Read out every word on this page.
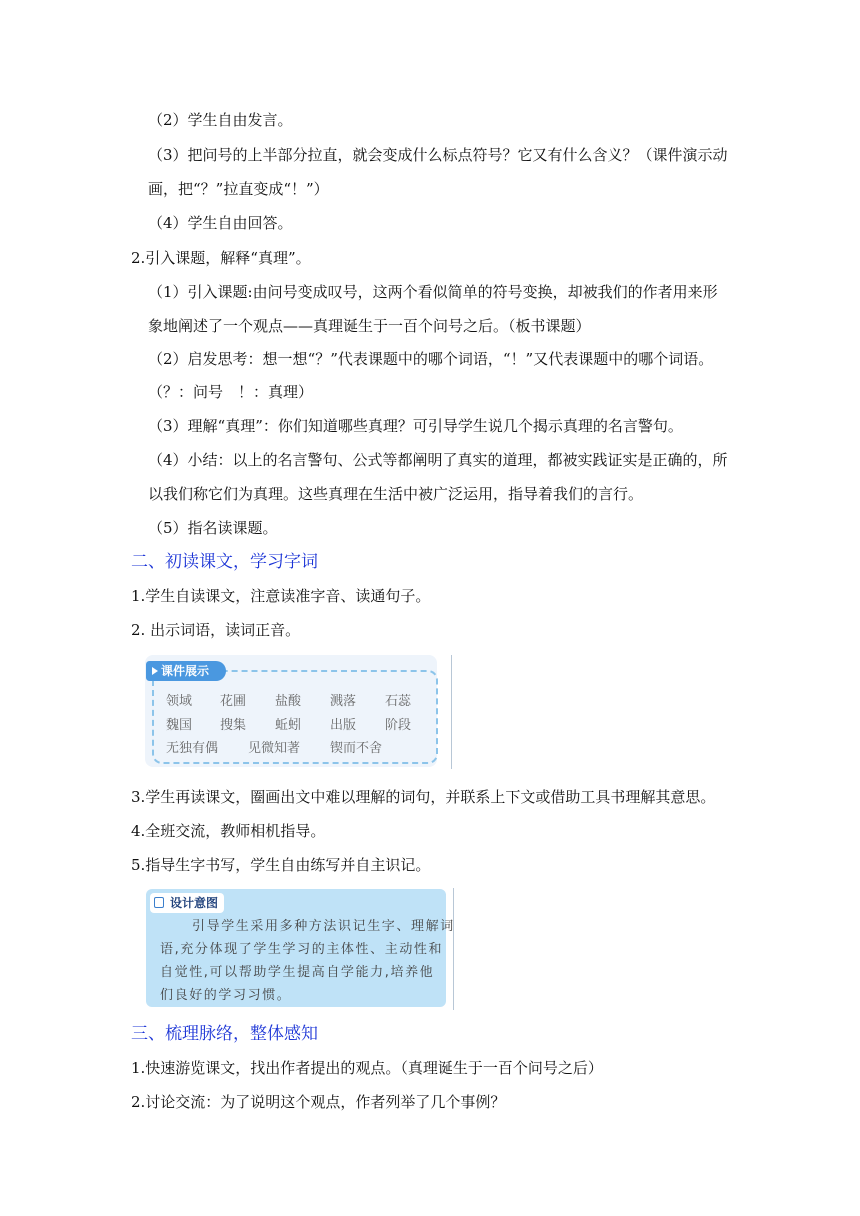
（2）学生自由发言。
（3）把问号的上半部分拉直，就会变成什么标点符号？它又有什么含义？（课件演示动
画，把“？”拉直变成“！”）
（4）学生自由回答。
2.引入课题，解释“真理”。
（1）引入课题:由问号变成叹号，这两个看似简单的符号变换，却被我们的作者用来形
象地阐述了一个观点——真理诞生于一百个问号之后。（板书课题）
（2）启发思考：想一想“？”代表课题中的哪个词语，“！”又代表课题中的哪个词语。
（？：问号　！：真理）
（3）理解“真理”：你们知道哪些真理？可引导学生说几个揭示真理的名言警句。
（4）小结：以上的名言警句、公式等都阐明了真实的道理，都被实践证实是正确的，所
以我们称它们为真理。这些真理在生活中被广泛运用，指导着我们的言行。
（5）指名读课题。
二、初读课文，学习字词
1.学生自读课文，注意读准字音、读通句子。
2. 出示词语，读词正音。
课件展示
领域 花圃 盐酸 溅落 石蕊
魏国 搜集 蚯蚓 出版 阶段
无独有偶 见微知著 锲而不舍
3.学生再读课文，圈画出文中难以理解的词句，并联系上下文或借助工具书理解其意思。
4.全班交流，教师相机指导。
5.指导生字书写，学生自由练写并自主识记。
设计意图
引导学生采用多种方法识记生字、理解词
语,充分体现了学生学习的主体性、主动性和
自觉性,可以帮助学生提高自学能力,培养他
们良好的学习习惯。
三、梳理脉络，整体感知
1.快速游览课文，找出作者提出的观点。（真理诞生于一百个问号之后）
2.讨论交流：为了说明这个观点，作者列举了几个事例？
